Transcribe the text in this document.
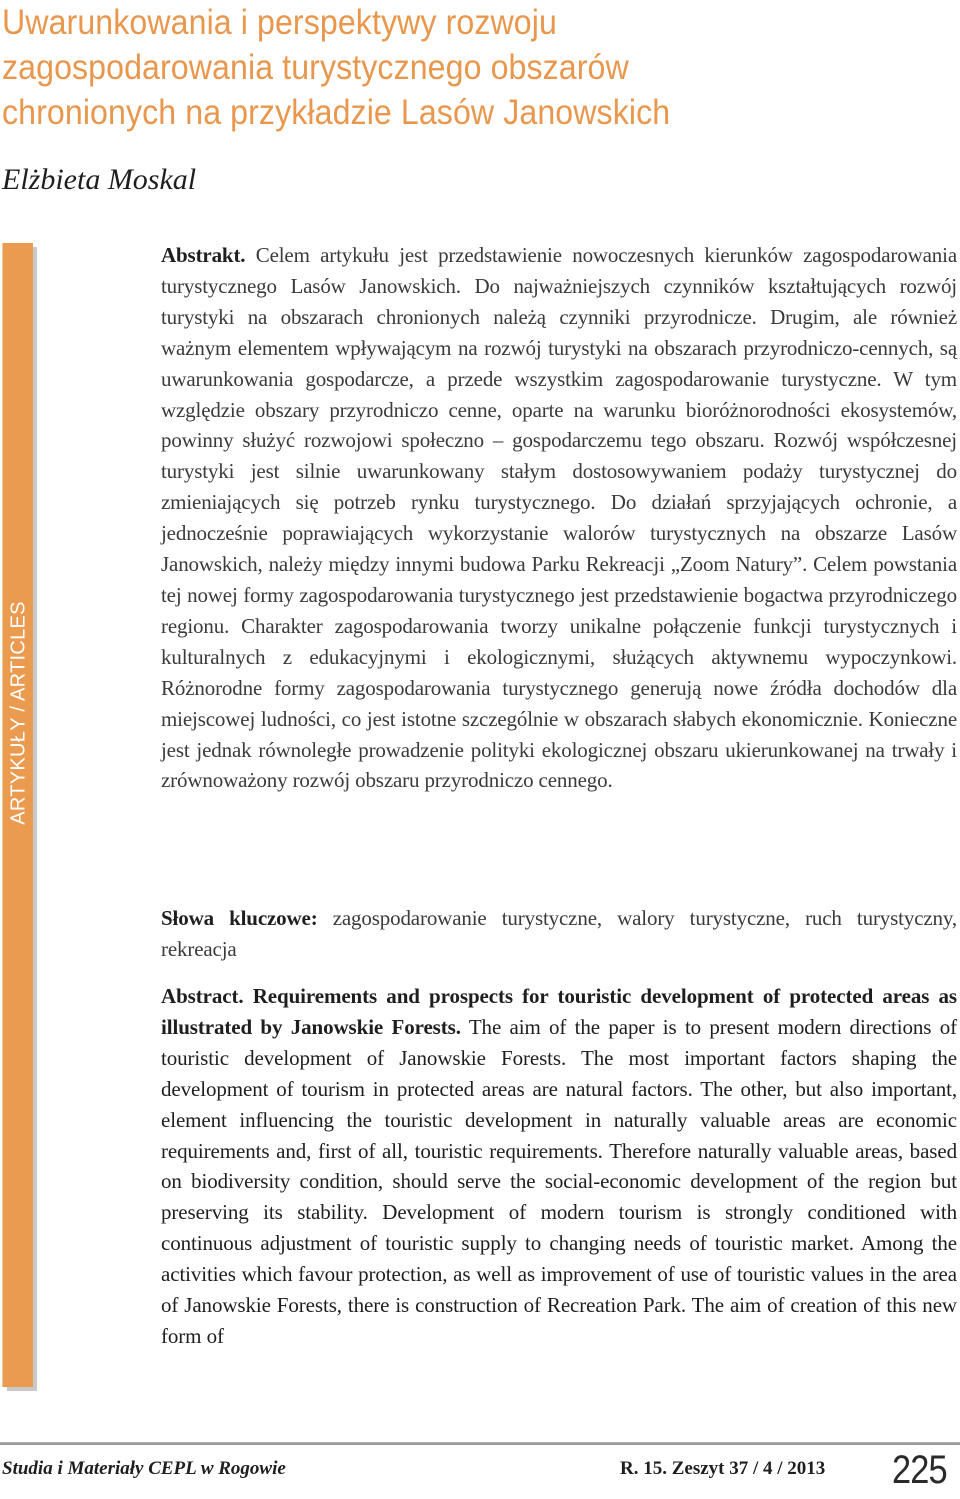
Uwarunkowania i perspektywy rozwoju
zagospodarowania turystycznego obszarów
chronionych na przykładzie Lasów Janowskich

Elżbieta Moskal

ARTYKUŁY / ARTICLES

Abstrakt. Celem artykułu jest przedstawienie nowoczesnych kierunków zagospodarowania turystycznego Lasów Janowskich. Do najważniejszych czynników kształtujących rozwój turystyki na obszarach chronionych należą czynniki przyrodnicze. Drugim, ale również ważnym elementem wpływającym na rozwój turystyki na obszarach przyrodniczo-cennych, są uwarunkowania gospodarcze, a przede wszystkim zagospodarowanie turystyczne. W tym względzie obszary przyrodniczo cenne, oparte na warunku bioróżnorodności ekosystemów, powinny służyć rozwojowi społeczno – gospodarczemu tego obszaru. Rozwój współczesnej turystyki jest silnie uwarunkowany stałym dostosowywaniem podaży turystycznej do zmieniających się potrzeb rynku turystycznego. Do działań sprzyjających ochronie, a jednocześnie poprawiających wykorzystanie walorów turystycznych na obszarze Lasów Janowskich, należy między innymi budowa Parku Rekreacji „Zoom Natury”. Celem powstania tej nowej formy zagospodarowania turystycznego jest przedstawienie bogactwa przyrodniczego regionu. Charakter zagospodarowania tworzy unikalne połączenie funkcji turystycznych i kulturalnych z edukacyjnymi i ekologicznymi, służących aktywnemu wypoczynkowi. Różnorodne formy zagospodarowania turystycznego generują nowe źródła dochodów dla miejscowej ludności, co jest istotne szczególnie w obszarach słabych ekonomicznie. Konieczne jest jednak równoległe prowadzenie polityki ekologicznej obszaru ukierunkowanej na trwały i zrównoważony rozwój obszaru przyrodniczo cennego.

Słowa kluczowe: zagospodarowanie turystyczne, walory turystyczne, ruch turystyczny, rekreacja

Abstract. Requirements and prospects for touristic development of protected areas as illustrated by Janowskie Forests. The aim of the paper is to present modern directions of touristic development of Janowskie Forests. The most important factors shaping the development of tourism in protected areas are natural factors. The other, but also important, element influencing the touristic development in naturally valuable areas are economic requirements and, first of all, touristic requirements. Therefore naturally valuable areas, based on biodiversity condition, should serve the social-economic development of the region but preserving its stability. Development of modern tourism is strongly conditioned with continuous adjustment of touristic supply to changing needs of touristic market. Among the activities which favour protection, as well as improvement of use of touristic values in the area of Janowskie Forests, there is construction of Recreation Park. The aim of creation of this new form of

Studia i Materiały CEPL w Rogowie	R. 15. Zeszyt 37 / 4 / 2013 225
